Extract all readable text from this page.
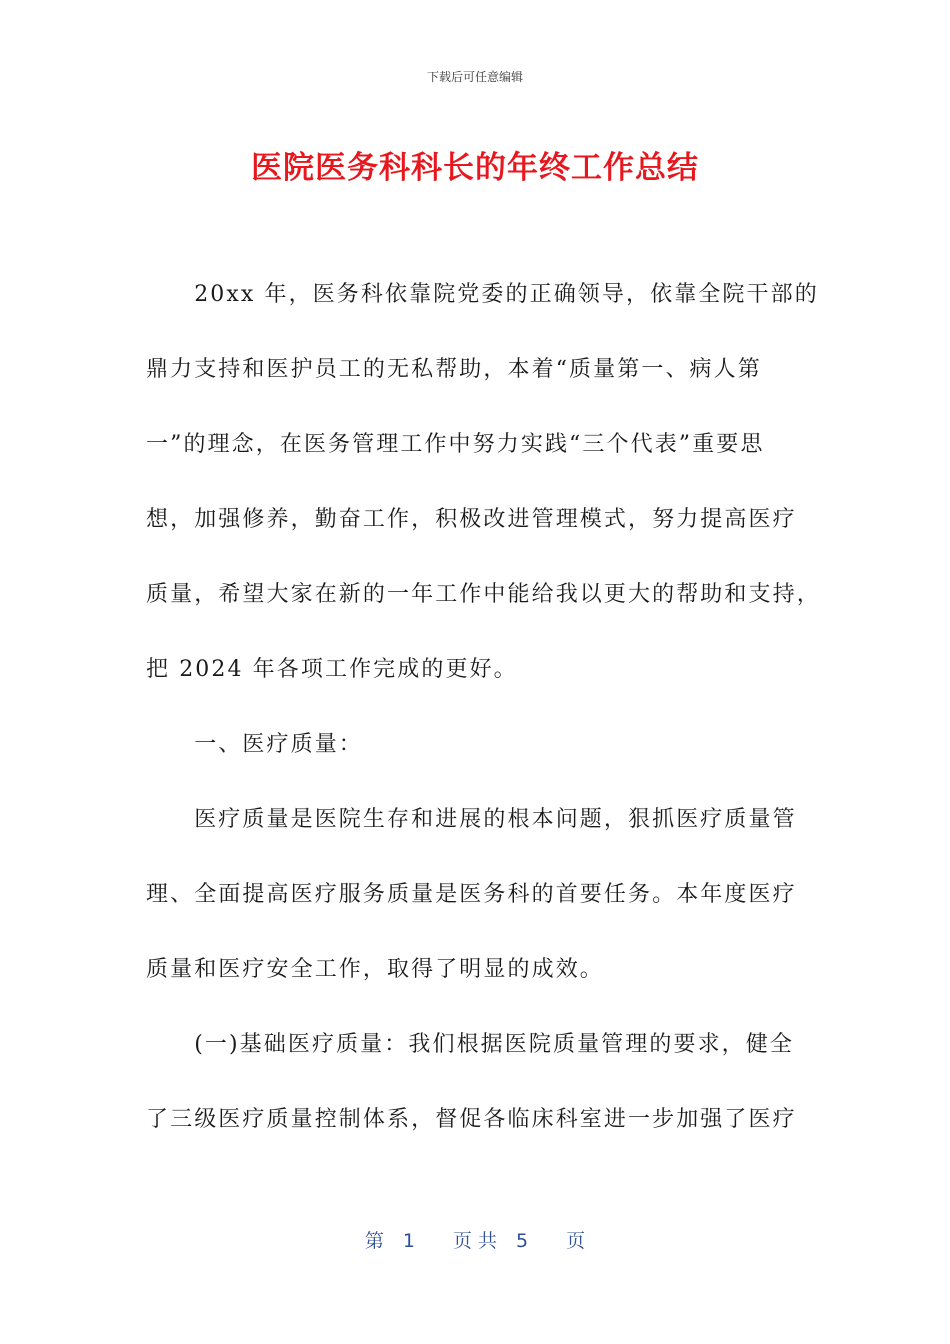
下载后可任意编辑
医院医务科科长的年终工作总结
　　20xx 年，医务科依靠院党委的正确领导，依靠全院干部的
鼎力支持和医护员工的无私帮助，本着“质量第一、病人第
一”的理念，在医务管理工作中努力实践“三个代表”重要思
想，加强修养，勤奋工作，积极改进管理模式，努力提高医疗
质量，希望大家在新的一年工作中能给我以更大的帮助和支持，
把 2024 年各项工作完成的更好。
　　一、医疗质量：
　　医疗质量是医院生存和进展的根本问题，狠抓医疗质量管
理、全面提高医疗服务质量是医务科的首要任务。本年度医疗
质量和医疗安全工作，取得了明显的成效。
　　(一)基础医疗质量：我们根据医院质量管理的要求，健全
了三级医疗质量控制体系，督促各临床科室进一步加强了医疗
第　1　　页 共　5　　页
